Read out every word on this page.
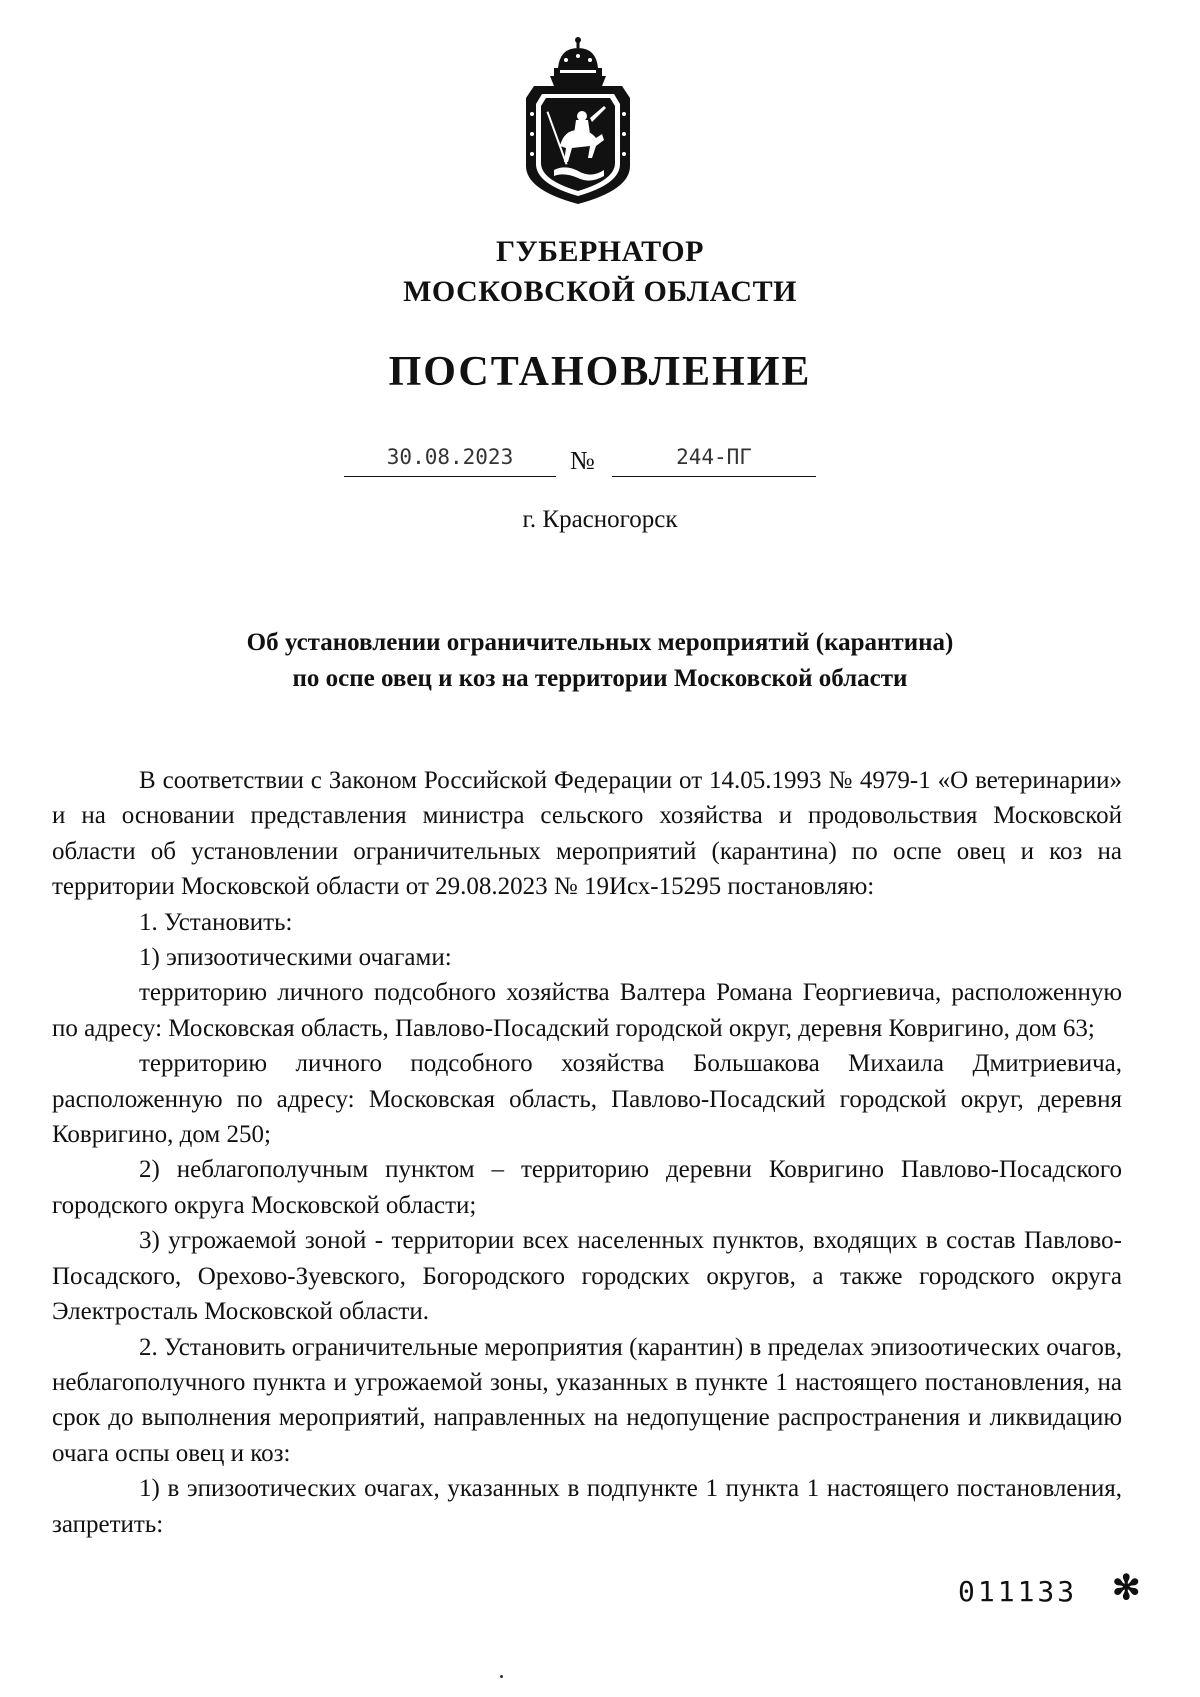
ГУБЕРНАТОР
МОСКОВСКОЙ ОБЛАСТИ
ПОСТАНОВЛЕНИЕ
30.08.2023	№	244-ПГ
г. Красногорск
Об установлении ограничительных мероприятий (карантина)
по оспе овец и коз на территории Московской области

В соответствии с Законом Российской Федерации от 14.05.1993 № 4979-1 «О ветеринарии» и на основании представления министра сельского хозяйства и продовольствия Московской области об установлении ограничительных мероприятий (карантина) по оспе овец и коз на территории Московской области от 29.08.2023 № 19Исх-15295 постановляю:

1. Установить:

1) эпизоотическими очагами:

территорию личного подсобного хозяйства Валтера Романа Георгиевича, расположенную по адресу: Московская область, Павлово-Посадский городской округ, деревня Ковригино, дом 63;

территорию личного подсобного хозяйства Большакова Михаила Дмитриевича, расположенную по адресу: Московская область, Павлово-Посадский городской округ, деревня Ковригино, дом 250;

2) неблагополучным пунктом – территорию деревни Ковригино Павлово-Посадского городского округа Московской области;

3) угрожаемой зоной - территории всех населенных пунктов, входящих в состав Павлово-Посадского, Орехово-Зуевского, Богородского городских округов, а также городского округа Электросталь Московской области.

2. Установить ограничительные мероприятия (карантин) в пределах эпизоотических очагов, неблагополучного пункта и угрожаемой зоны, указанных в пункте 1 настоящего постановления, на срок до выполнения мероприятий, направленных на недопущение распространения и ликвидацию очага оспы овец и коз:

1) в эпизоотических очагах, указанных в подпункте 1 пункта 1 настоящего постановления, запретить:

011133 ✻
